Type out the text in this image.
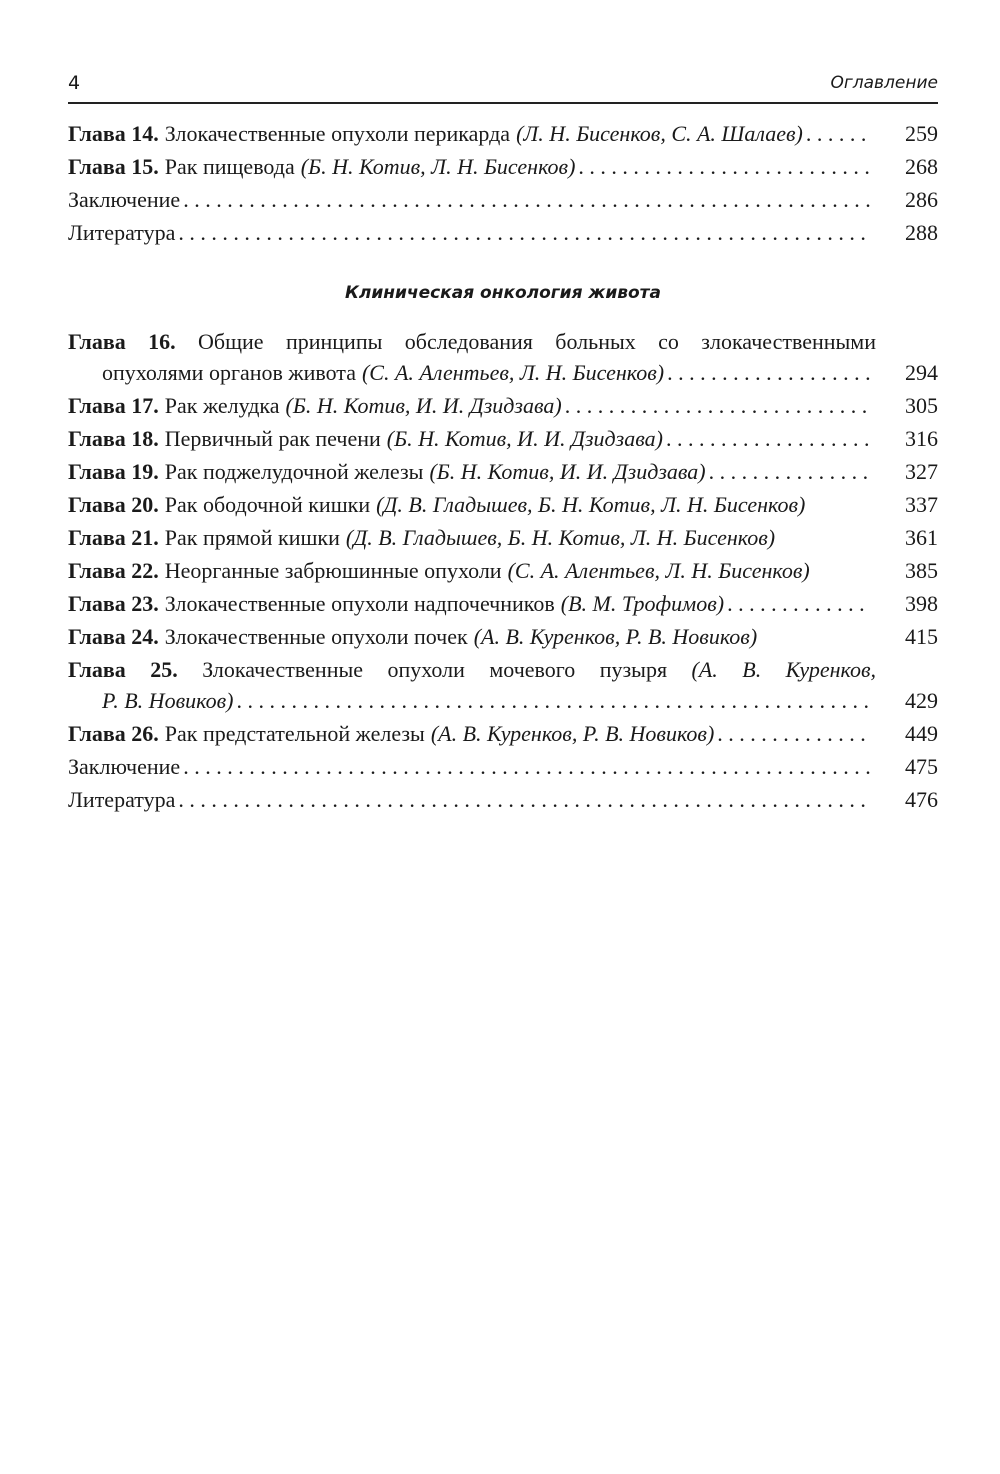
4	Оглавление
Глава 14. Злокачественные опухоли перикарда (Л. Н. Бисенков, С. А. Шалаев) . . .	259
Глава 15. Рак пищевода (Б. Н. Котив, Л. Н. Бисенков) . . .	268
Заключение . . .	286
Литература . . .	288
Клиническая онкология живота
Глава 16. Общие принципы обследования больных со злокачественными
опухолями органов живота (С. А. Алентьев, Л. Н. Бисенков) . . .	294
Глава 17. Рак желудка (Б. Н. Котив, И. И. Дзидзава) . . .	305
Глава 18. Первичный рак печени (Б. Н. Котив, И. И. Дзидзава) . . .	316
Глава 19. Рак поджелудочной железы (Б. Н. Котив, И. И. Дзидзава) . . .	327
Глава 20. Рак ободочной кишки (Д. В. Гладышев, Б. Н. Котив, Л. Н. Бисенков)	337
Глава 21. Рак прямой кишки (Д. В. Гладышев, Б. Н. Котив, Л. Н. Бисенков)	361
Глава 22. Неорганные забрюшинные опухоли (С. А. Алентьев, Л. Н. Бисенков)	385
Глава 23. Злокачественные опухоли надпочечников (В. М. Трофимов) . . .	398
Глава 24. Злокачественные опухоли почек (А. В. Куренков, Р. В. Новиков)	415
Глава 25. Злокачественные опухоли мочевого пузыря (А. В. Куренков,
Р. В. Новиков) . . .	429
Глава 26. Рак предстательной железы (А. В. Куренков, Р. В. Новиков) . . .	449
Заключение . . .	475
Литература . . .	476
